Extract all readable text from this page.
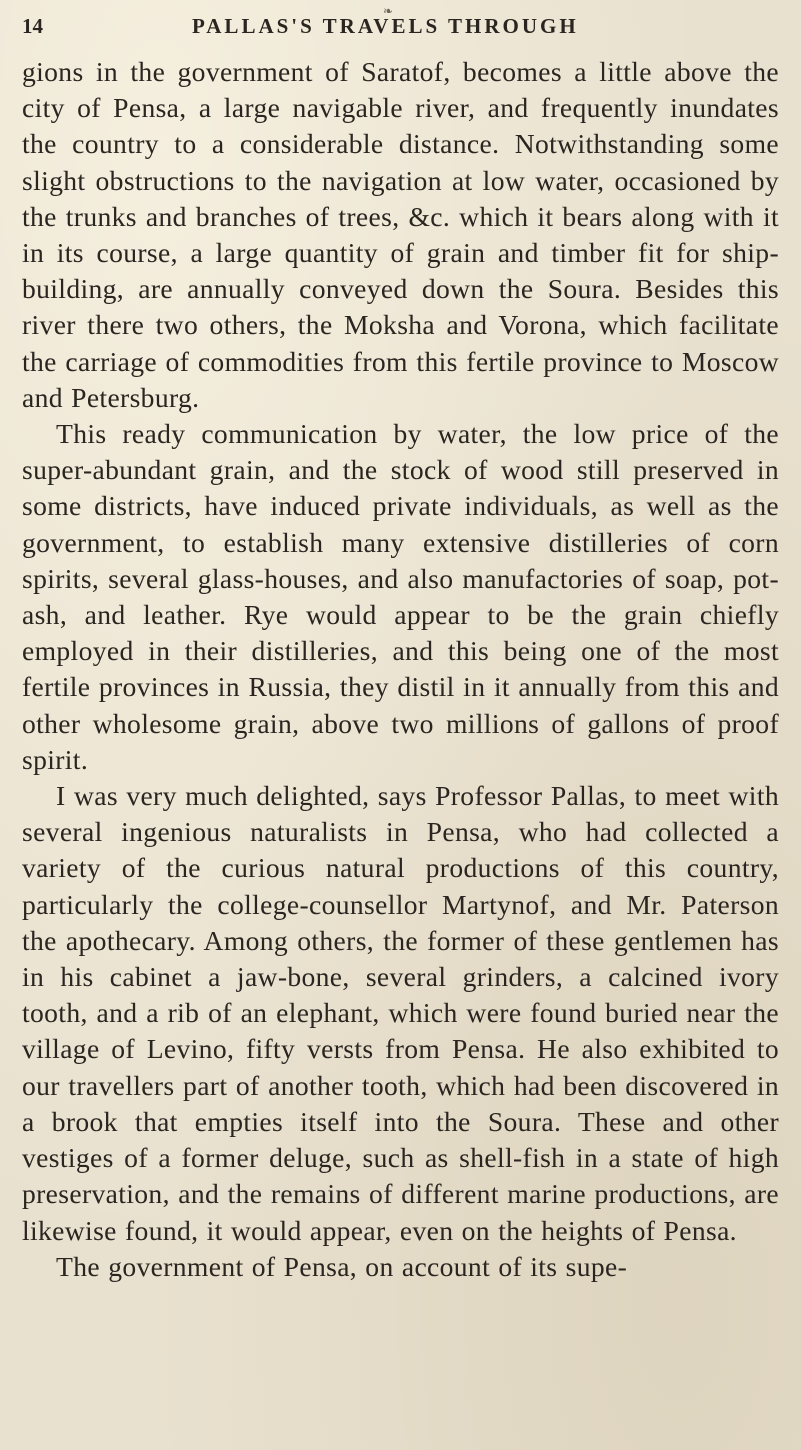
❧
14	PALLAS'S TRAVELS THROUGH

gions in the government of Saratof, becomes a little above the city of Pensa, a large navigable river, and frequently inundates the country to a considerable distance. Notwithstanding some slight obstructions to the navigation at low water, occasioned by the trunks and branches of trees, &c. which it bears along with it in its course, a large quantity of grain and timber fit for ship-building, are annually conveyed down the Soura. Besides this river there two others, the Moksha and Vorona, which facilitate the carriage of commodities from this fertile province to Moscow and Petersburg.

This ready communication by water, the low price of the super-abundant grain, and the stock of wood still preserved in some districts, have induced private individuals, as well as the government, to establish many extensive distilleries of corn spirits, several glass-houses, and also manufactories of soap, pot-ash, and leather. Rye would appear to be the grain chiefly employed in their distilleries, and this being one of the most fertile provinces in Russia, they distil in it annually from this and other wholesome grain, above two millions of gallons of proof spirit.

I was very much delighted, says Professor Pallas, to meet with several ingenious naturalists in Pensa, who had collected a variety of the curious natural productions of this country, particularly the college-counsellor Martynof, and Mr. Paterson the apothecary. Among others, the former of these gentlemen has in his cabinet a jaw-bone, several grinders, a calcined ivory tooth, and a rib of an elephant, which were found buried near the village of Levino, fifty versts from Pensa. He also exhibited to our travellers part of another tooth, which had been discovered in a brook that empties itself into the Soura. These and other vestiges of a former deluge, such as shell-fish in a state of high preservation, and the remains of different marine productions, are likewise found, it would appear, even on the heights of Pensa.

The government of Pensa, on account of its supe-
